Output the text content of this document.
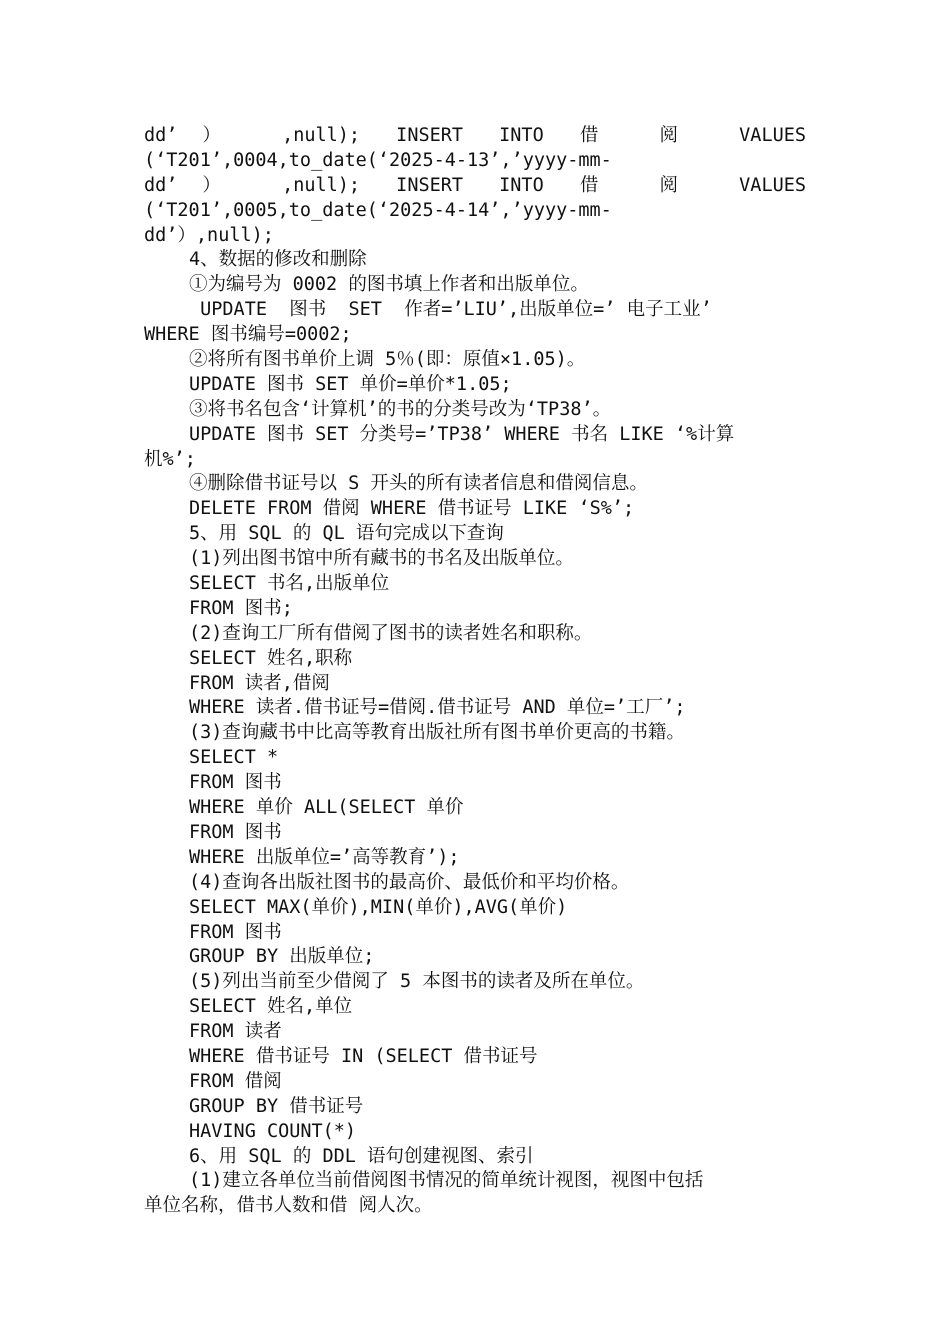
dd’） ,null); INSERT INTO 借 阅 VALUES
(‘T201’,0004,to_date(‘2025-4-13’,’yyyy-mm-
dd’） ,null); INSERT INTO 借 阅 VALUES
(‘T201’,0005,to_date(‘2025-4-14’,’yyyy-mm-
dd’）,null);
4、数据的修改和删除
①为编号为 0002 的图书填上作者和出版单位。
UPDATE  图书  SET  作者=’LIU’,出版单位=’ 电子工业’
WHERE 图书编号=0002;
②将所有图书单价上调 5％(即：原值×1.05)。
UPDATE 图书 SET 单价=单价*1.05;
③将书名包含‘计算机’的书的分类号改为‘TP38’。
UPDATE 图书 SET 分类号=’TP38’ WHERE 书名 LIKE ‘%计算
机%’;
④删除借书证号以 S 开头的所有读者信息和借阅信息。
DELETE FROM 借阅 WHERE 借书证号 LIKE ‘S%’;
5、用 SQL 的 QL 语句完成以下查询
(1)列出图书馆中所有藏书的书名及出版单位。
SELECT 书名,出版单位
FROM 图书;
(2)查询工厂所有借阅了图书的读者姓名和职称。
SELECT 姓名,职称
FROM 读者,借阅
WHERE 读者.借书证号=借阅.借书证号 AND 单位=’工厂’;
(3)查询藏书中比高等教育出版社所有图书单价更高的书籍。
SELECT *
FROM 图书
WHERE 单价 ALL(SELECT 单价
FROM 图书
WHERE 出版单位=’高等教育’);
(4)查询各出版社图书的最高价、最低价和平均价格。
SELECT MAX(单价),MIN(单价),AVG(单价)
FROM 图书
GROUP BY 出版单位;
(5)列出当前至少借阅了 5 本图书的读者及所在单位。
SELECT 姓名,单位
FROM 读者
WHERE 借书证号 IN (SELECT 借书证号
FROM 借阅
GROUP BY 借书证号
HAVING COUNT(*)
6、用 SQL 的 DDL 语句创建视图、索引
(1)建立各单位当前借阅图书情况的简单统计视图，视图中包括
单位名称，借书人数和借 阅人次。
